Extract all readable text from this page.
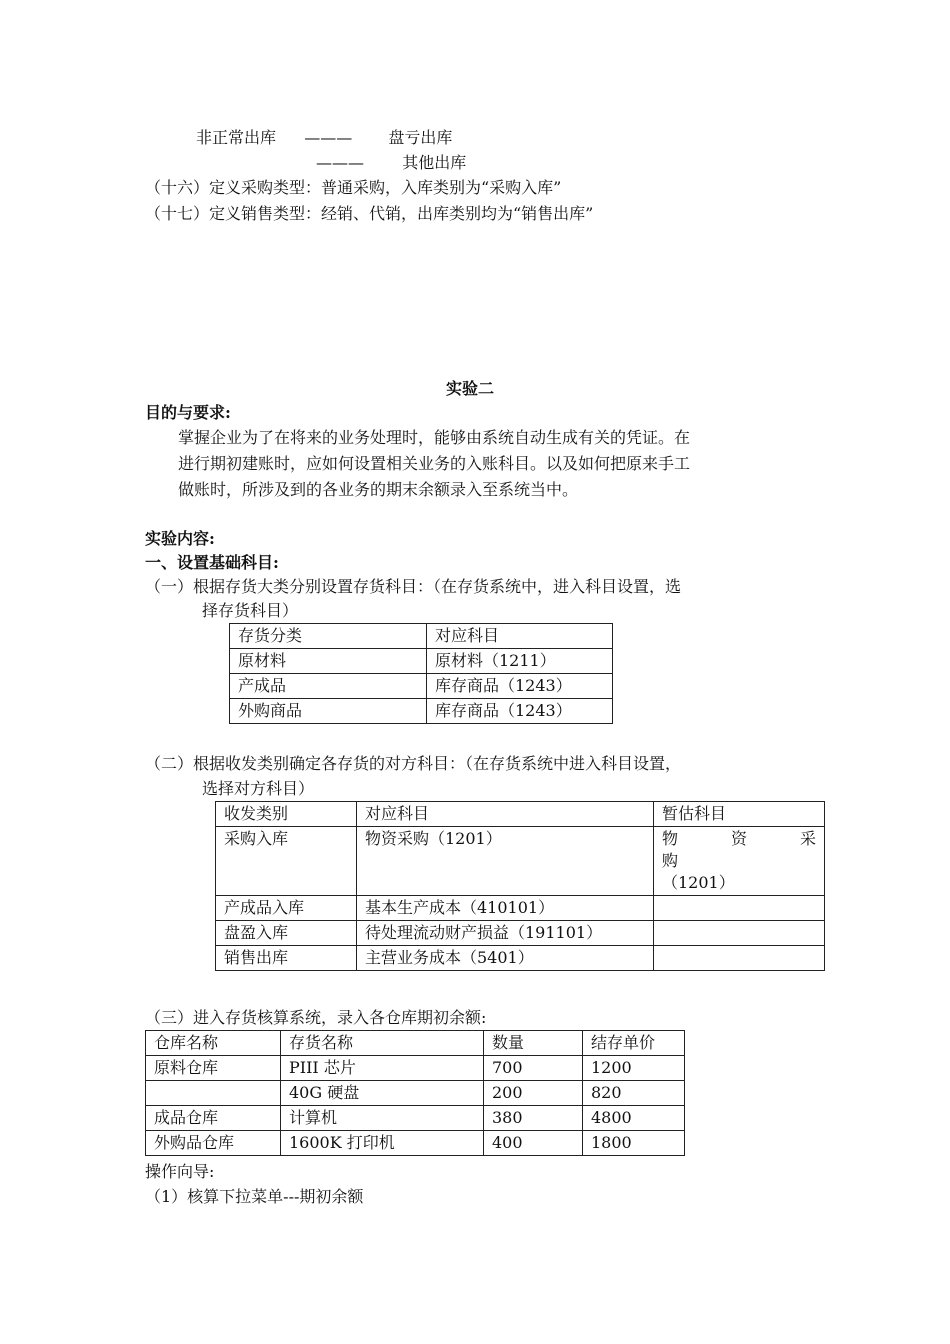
非正常出库 ——— 盘亏出库
——— 其他出库
（十六）定义采购类型：普通采购，入库类别为“采购入库”
（十七）定义销售类型：经销、代销，出库类别均为“销售出库”
实验二
目的与要求:
掌握企业为了在将来的业务处理时，能够由系统自动生成有关的凭证。在
进行期初建账时，应如何设置相关业务的入账科目。以及如何把原来手工
做账时，所涉及到的各业务的期末余额录入至系统当中。
实验内容:
一、设置基础科目:
（一）根据存货大类分别设置存货科目：（在存货系统中，进入科目设置，选
择存货科目）
存货分类	对应科目
原材料	原材料（1211）
产成品	库存商品（1243）
外购商品	库存商品（1243）
（二）根据收发类别确定各存货的对方科目：（在存货系统中进入科目设置，
选择对方科目）
收发类别	对应科目	暂估科目
采购入库	物资采购（1201）	物 资 采 购
（1201）

产成品入库	基本生产成本（410101）	
盘盈入库	待处理流动财产损益（191101）	
销售出库	主营业务成本（5401）	
（三）进入存货核算系统，录入各仓库期初余额:
仓库名称	存货名称	数量	结存单价
原料仓库	PIII 芯片	700	1200
	40G 硬盘	200	820
成品仓库	计算机	380	4800
外购品仓库	1600K 打印机	400	1800
操作向导:
（1）核算下拉菜单---期初余额
